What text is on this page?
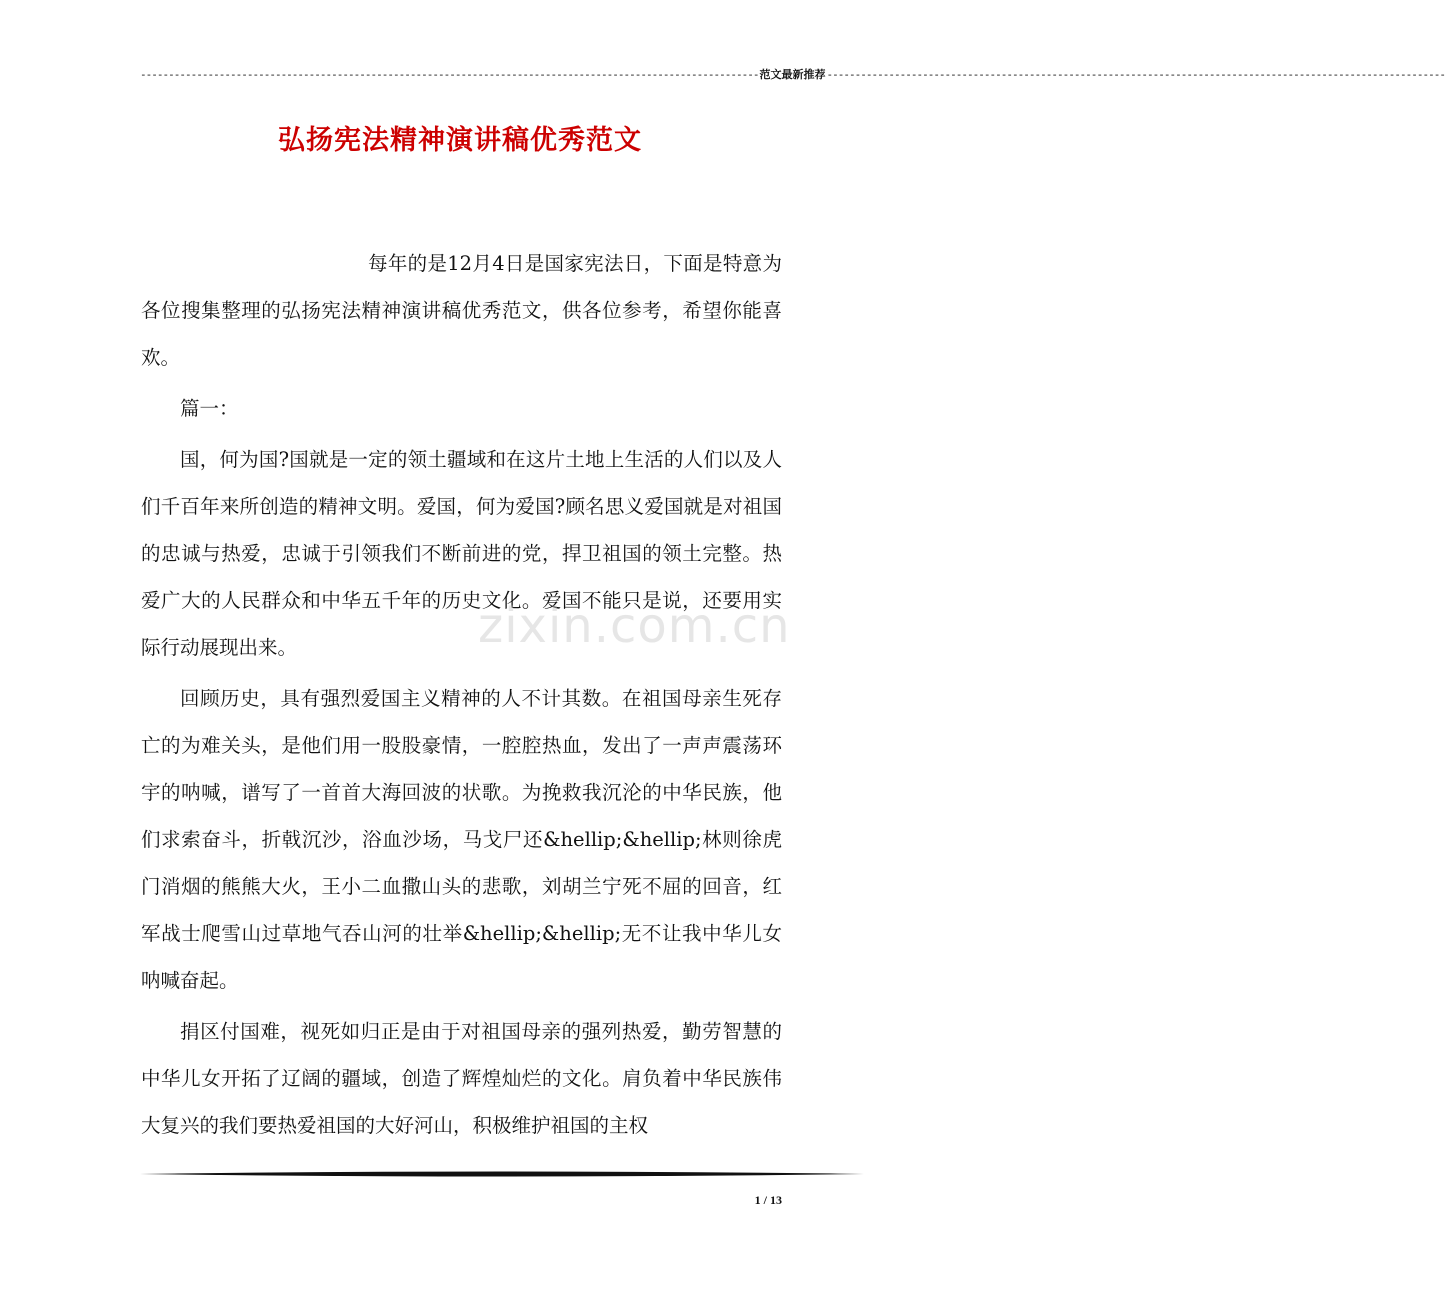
-------------------------------------------------------------------------------------------------------------- 范文最新推荐 --------------------------------------------------------------------------------------------------------------
弘扬宪法精神演讲稿优秀范文

每年的是12月4日是国家宪法日，下面是特意为各位搜集整理的弘扬宪法精神演讲稿优秀范文，供各位参考，希望你能喜欢。

篇一：

国，何为国?国就是一定的领土疆域和在这片土地上生活的人们以及人们千百年来所创造的精神文明。爱国，何为爱国?顾名思义爱国就是对祖国的忠诚与热爱，忠诚于引领我们不断前进的党，捍卫祖国的领土完整。热爱广大的人民群众和中华五千年的历史文化。爱国不能只是说，还要用实际行动展现出来。

回顾历史，具有强烈爱国主义精神的人不计其数。在祖国母亲生死存亡的为难关头，是他们用一股股豪情，一腔腔热血，发出了一声声震荡环宇的呐喊，谱写了一首首大海回波的状歌。为挽救我沉沦的中华民族，他们求索奋斗，折戟沉沙，浴血沙场，马戈尸还&hellip;&hellip;林则徐虎门消烟的熊熊大火，王小二血撒山头的悲歌，刘胡兰宁死不屈的回音，红军战士爬雪山过草地气吞山河的壮举&hellip;&hellip;无不让我中华儿女呐喊奋起。

捐区付国难，视死如归正是由于对祖国母亲的强列热爱，勤劳智慧的中华儿女开拓了辽阔的疆域，创造了辉煌灿烂的文化。肩负着中华民族伟大复兴的我们要热爱祖国的大好河山，积极维护祖国的主权

zixin.com.cn
1 / 13
